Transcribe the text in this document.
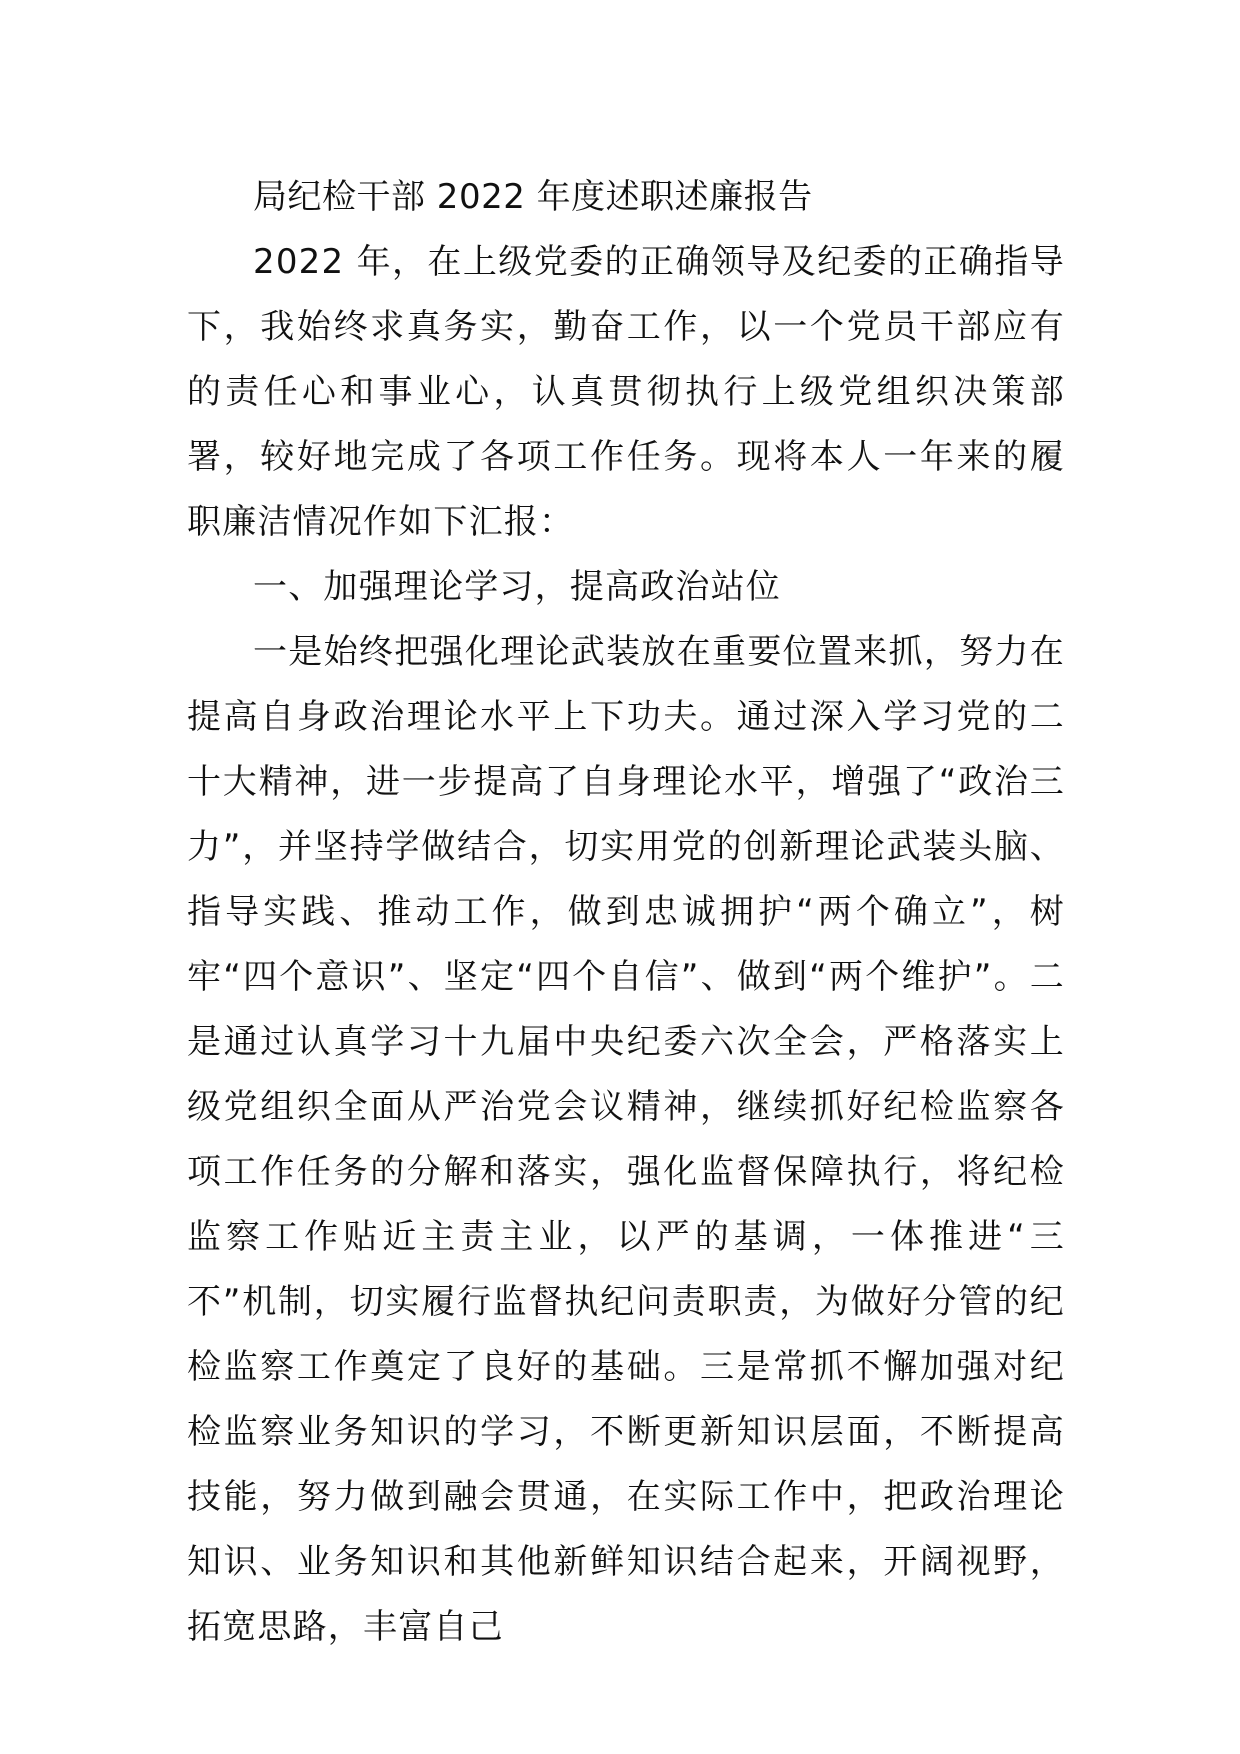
局纪检干部 2022 年度述职述廉报告

2022 年，在上级党委的正确领导及纪委的正确指导下，我始终求真务实，勤奋工作，以一个党员干部应有的责任心和事业心，认真贯彻执行上级党组织决策部署，较好地完成了各项工作任务。现将本人一年来的履职廉洁情况作如下汇报：

一、加强理论学习，提高政治站位

一是始终把强化理论武装放在重要位置来抓，努力在提高自身政治理论水平上下功夫。通过深入学习党的二十大精神，进一步提高了自身理论水平，增强了“政治三力”，并坚持学做结合，切实用党的创新理论武装头脑、指导实践、推动工作，做到忠诚拥护“两个确立”，树牢“四个意识”、坚定“四个自信”、做到“两个维护”。二是通过认真学习十九届中央纪委六次全会，严格落实上级党组织全面从严治党会议精神，继续抓好纪检监察各项工作任务的分解和落实，强化监督保障执行，将纪检监察工作贴近主责主业，以严的基调，一体推进“三不”机制，切实履行监督执纪问责职责，为做好分管的纪检监察工作奠定了良好的基础。三是常抓不懈加强对纪检监察业务知识的学习，不断更新知识层面，不断提高技能，努力做到融会贯通，在实际工作中，把政治理论知识、业务知识和其他新鲜知识结合起来，开阔视野，拓宽思路，丰富自己
